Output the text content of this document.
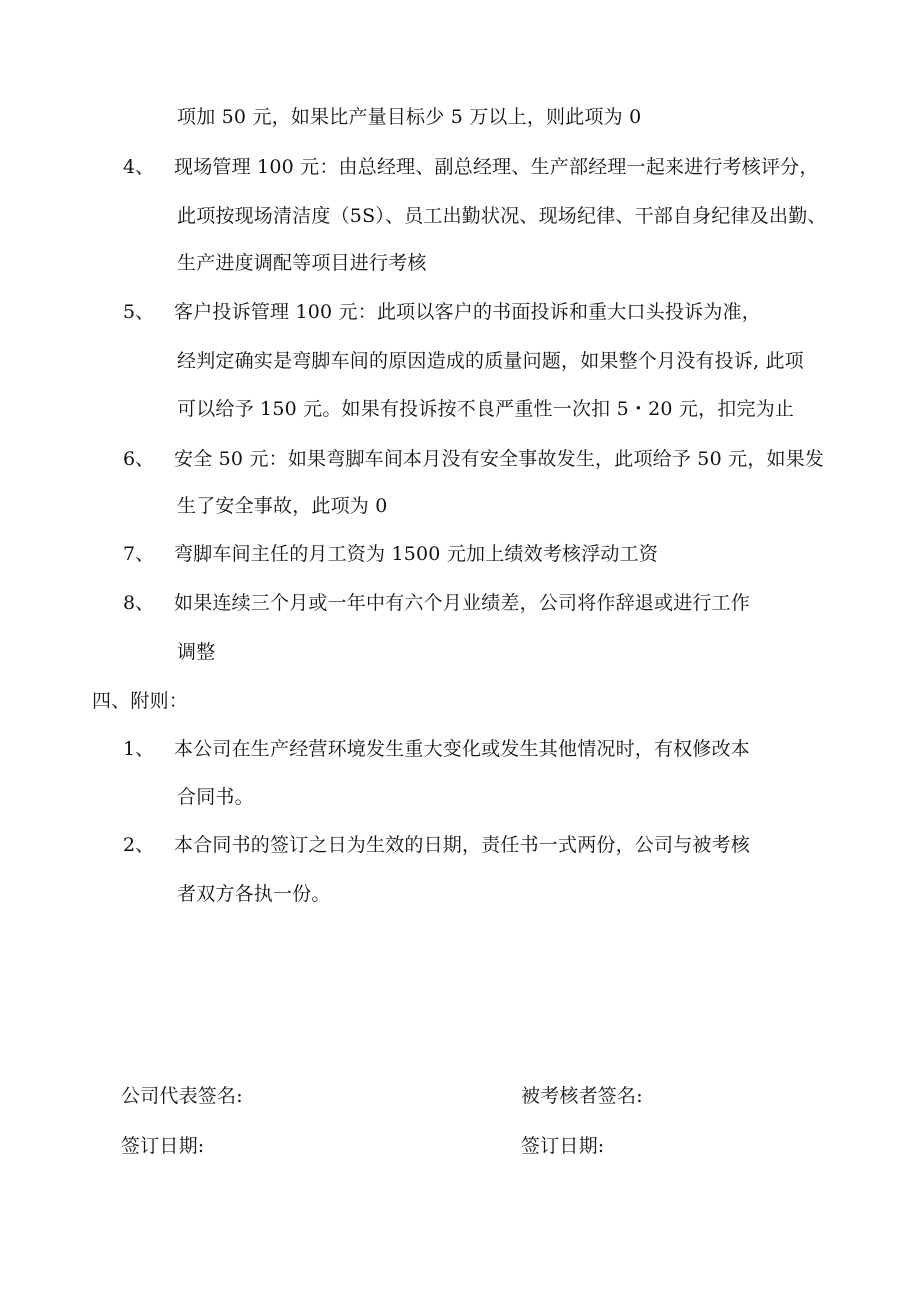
项加 50 元，如果比产量目标少 5 万以上，则此项为 0
4、 现场管理 100 元：由总经理、副总经理、生产部经理一起来进行考核评分，
此项按现场清洁度（5S）、员工出勤状况、现场纪律、干部自身纪律及出勤、
生产进度调配等项目进行考核
5、 客户投诉管理 100 元：此项以客户的书面投诉和重大口头投诉为准，
经判定确实是弯脚车间的原因造成的质量问题，如果整个月没有投诉, 此项
可以给予 150 元。如果有投诉按不良严重性一次扣 5・20 元，扣完为止
6、 安全 50 元：如果弯脚车间本月没有安全事故发生，此项给予 50 元，如果发
生了安全事故，此项为 0
7、 弯脚车间主任的月工资为 1500 元加上绩效考核浮动工资
8、 如果连续三个月或一年中有六个月业绩差，公司将作辞退或进行工作
调整
四、附则：
1、 本公司在生产经营环境发生重大变化或发生其他情况时，有权修改本
合同书。
2、 本合同书的签订之日为生效的日期，责任书一式两份，公司与被考核
者双方各执一份。
公司代表签名:	被考核者签名:
签订日期:	签订日期:
